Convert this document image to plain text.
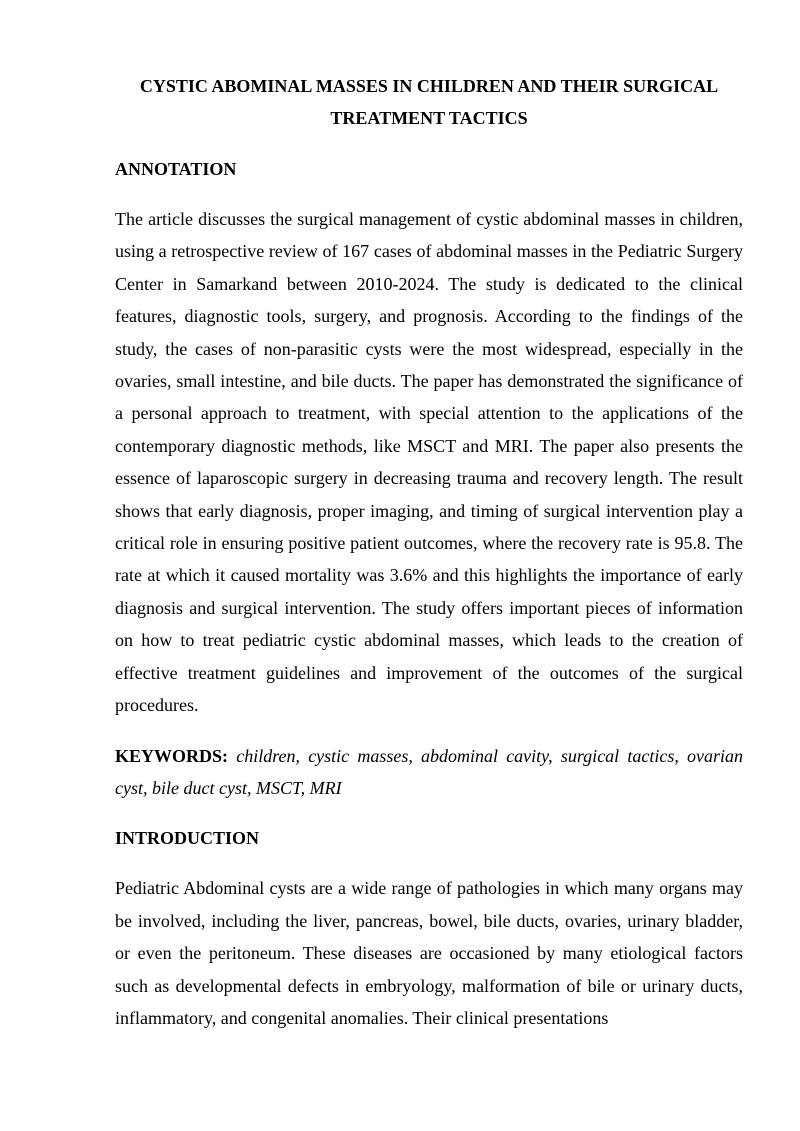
CYSTIC ABOMINAL MASSES IN CHILDREN AND THEIR SURGICAL TREATMENT TACTICS

ANNOTATION

The article discusses the surgical management of cystic abdominal masses in children, using a retrospective review of 167 cases of abdominal masses in the Pediatric Surgery Center in Samarkand between 2010-2024. The study is dedicated to the clinical features, diagnostic tools, surgery, and prognosis. According to the findings of the study, the cases of non-parasitic cysts were the most widespread, especially in the ovaries, small intestine, and bile ducts. The paper has demonstrated the significance of a personal approach to treatment, with special attention to the applications of the contemporary diagnostic methods, like MSCT and MRI. The paper also presents the essence of laparoscopic surgery in decreasing trauma and recovery length. The result shows that early diagnosis, proper imaging, and timing of surgical intervention play a critical role in ensuring positive patient outcomes, where the recovery rate is 95.8. The rate at which it caused mortality was 3.6% and this highlights the importance of early diagnosis and surgical intervention. The study offers important pieces of information on how to treat pediatric cystic abdominal masses, which leads to the creation of effective treatment guidelines and improvement of the outcomes of the surgical procedures.

KEYWORDS: children, cystic masses, abdominal cavity, surgical tactics, ovarian cyst, bile duct cyst, MSCT, MRI

INTRODUCTION

Pediatric Abdominal cysts are a wide range of pathologies in which many organs may be involved, including the liver, pancreas, bowel, bile ducts, ovaries, urinary bladder, or even the peritoneum. These diseases are occasioned by many etiological factors such as developmental defects in embryology, malformation of bile or urinary ducts, inflammatory, and congenital anomalies. Their clinical presentations
